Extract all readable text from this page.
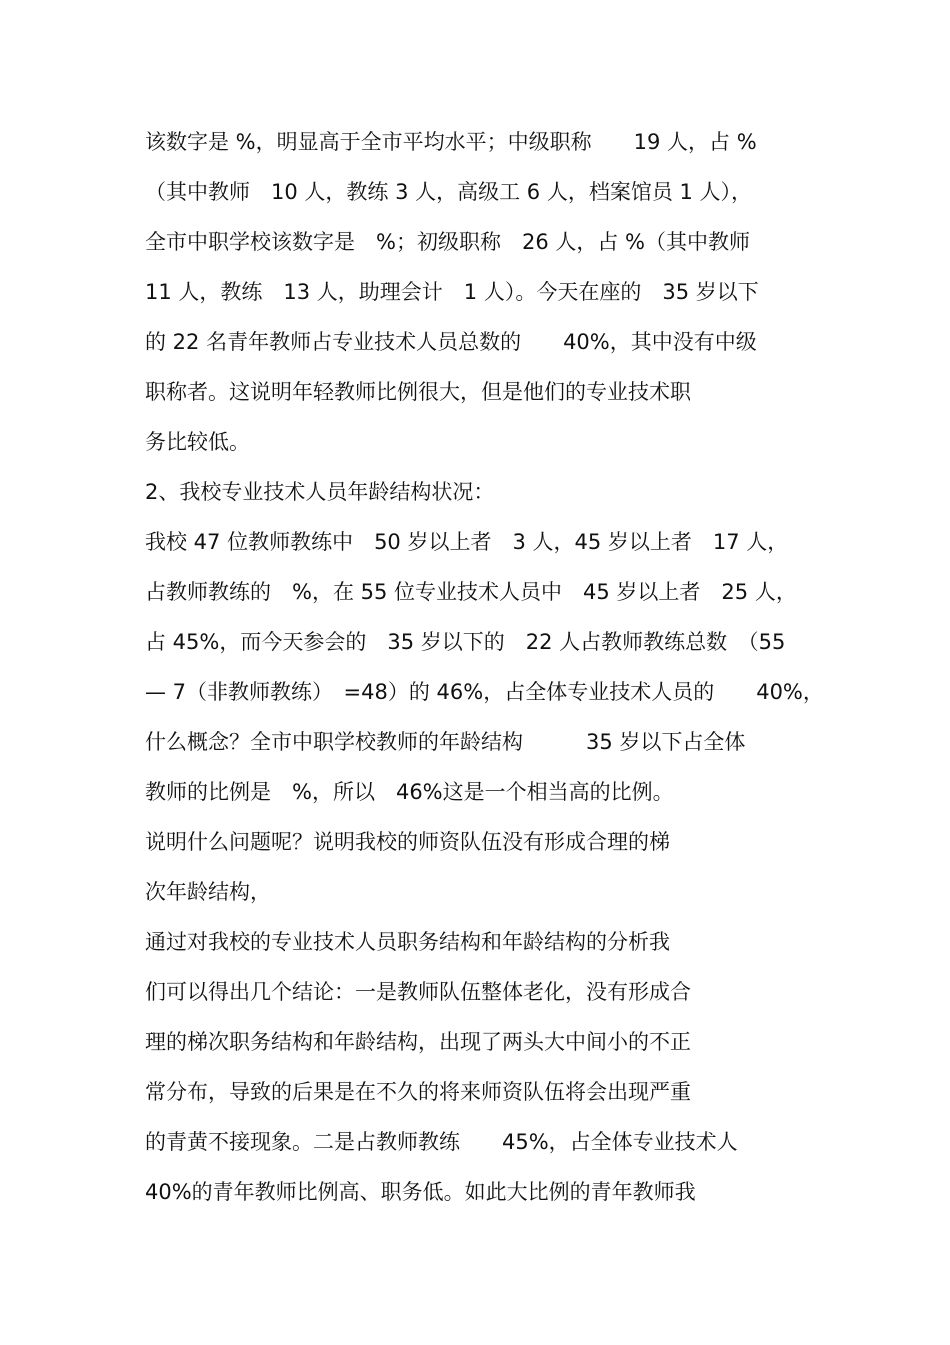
该数字是 %，明显高于全市平均水平；中级职称　　19 人，占 %
（其中教师　10 人，教练 3 人，高级工 6 人，档案馆员 1 人），
全市中职学校该数字是　%；初级职称　26 人，占 %（其中教师
11 人，教练　13 人，助理会计　1 人）。今天在座的　35 岁以下
的 22 名青年教师占专业技术人员总数的　　40%，其中没有中级
职称者。这说明年轻教师比例很大，但是他们的专业技术职
务比较低。
2、我校专业技术人员年龄结构状况：
我校 47 位教师教练中　50 岁以上者　3 人，45 岁以上者　17 人，
占教师教练的　%，在 55 位专业技术人员中　45 岁以上者　25 人，
占 45%，而今天参会的　35 岁以下的　22 人占教师教练总数　（55
— 7（非教师教练）　=48）的 46%，占全体专业技术人员的　　40%，
什么概念？全市中职学校教师的年龄结构　　　35 岁以下占全体
教师的比例是　%，所以　46%这是一个相当高的比例。
说明什么问题呢？说明我校的师资队伍没有形成合理的梯
次年龄结构，
通过对我校的专业技术人员职务结构和年龄结构的分析我
们可以得出几个结论：一是教师队伍整体老化，没有形成合
理的梯次职务结构和年龄结构，出现了两头大中间小的不正
常分布，导致的后果是在不久的将来师资队伍将会出现严重
的青黄不接现象。二是占教师教练　　45%，占全体专业技术人
40%的青年教师比例高、职务低。如此大比例的青年教师我
